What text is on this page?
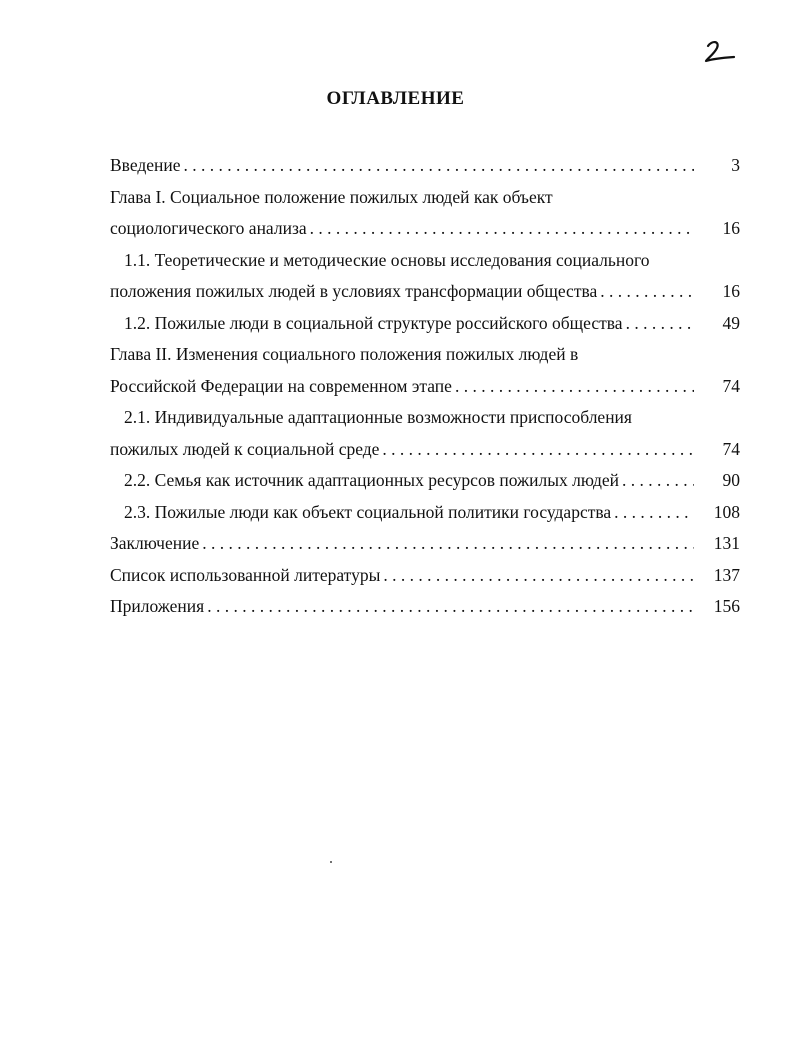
ОГЛАВЛЕНИЕ
Введение . . .	3
Глава I. Социальное положение пожилых людей как объект
социологического анализа . . .	16
1.1. Теоретические и методические основы исследования социального
положения пожилых людей в условиях трансформации общества . . .	16
1.2. Пожилые люди в социальной структуре российского общества . . .	49
Глава II. Изменения социального положения пожилых людей в
Российской Федерации на современном этапе . . .	74
2.1. Индивидуальные адаптационные возможности приспособления
пожилых людей к социальной среде . . .	74
2.2. Семья как источник адаптационных ресурсов пожилых людей . . .	90
2.3. Пожилые люди как объект социальной политики государства . . .	108
Заключение . . .	131
Список использованной литературы . . .	137
Приложения . . .	156
